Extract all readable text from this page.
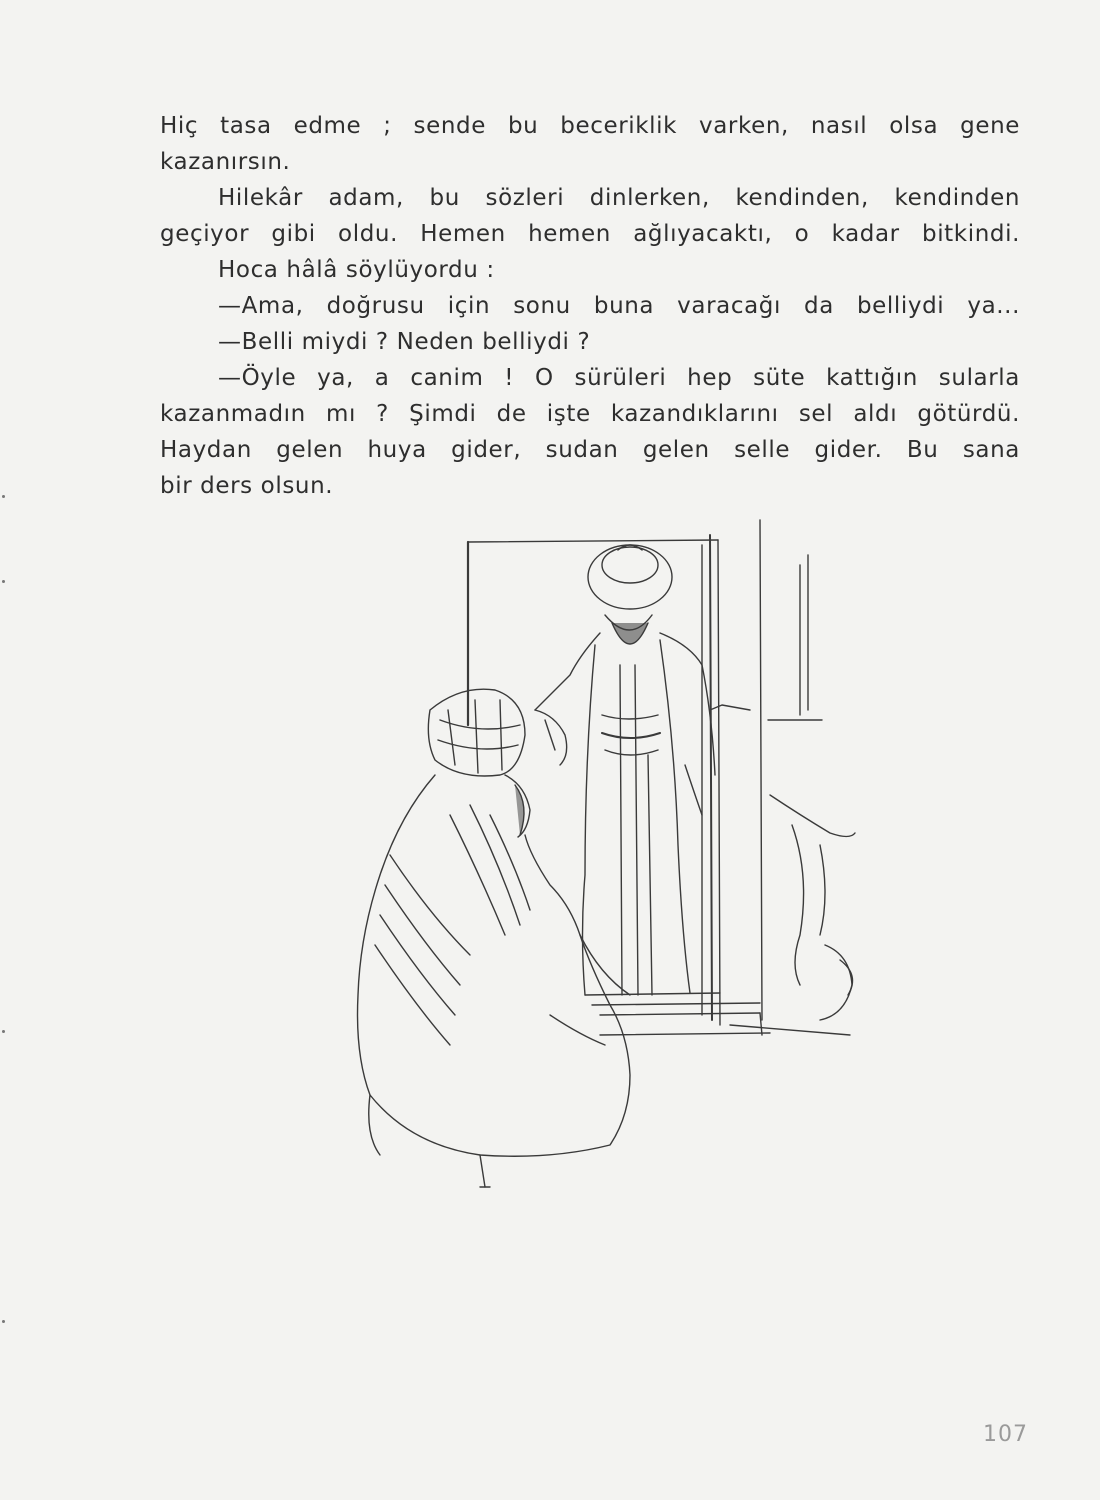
Hiç tasa edme ; sende bu beceriklik varken, nasıl olsa gene
kazanırsın.
Hilekâr adam, bu sözleri dinlerken, kendinden, kendinden
geçiyor gibi oldu. Hemen hemen ağlıyacaktı, o kadar bitkindi.
Hoca hâlâ söylüyordu :
—Ama, doğrusu için sonu buna varacağı da belliydi ya...
—Belli miydi ? Neden belliydi ?
—Öyle ya, a canim ! O sürüleri hep süte kattığın sularla
kazanmadın mı ? Şimdi de işte kazandıklarını sel aldı götürdü.
Haydan gelen huya gider, sudan gelen selle gider. Bu sana
bir ders olsun.
107
